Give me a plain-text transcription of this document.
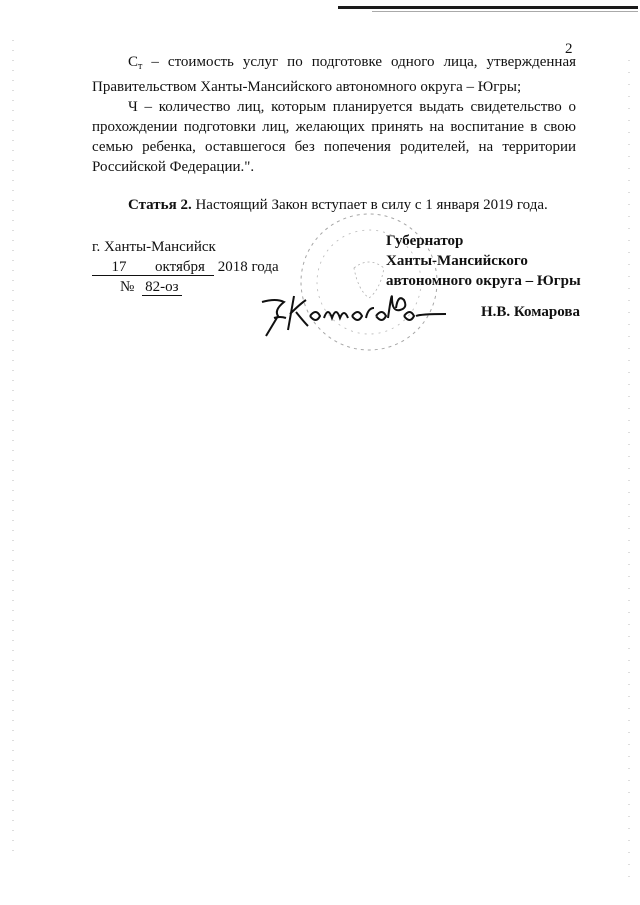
2

$С_т$ – стоимость услуг по подготовке одного лица, утвержденная Правительством Ханты-Мансийского автономного округа – Югры;

Ч – количество лиц, которым планируется выдать свидетельство о прохождении подготовки лиц, желающих принять на воспитание в свою семью ребенка, оставшегося без попечения родителей, на территории Российской Федерации.".

Статья 2. Настоящий Закон вступает в силу с 1 января 2019 года.

г. Ханты-Мансийск
17 октября 2018 года
№ 82-оз
Губернатор
Ханты-Мансийского
автономного округа – Югры
Н.В. Комарова
